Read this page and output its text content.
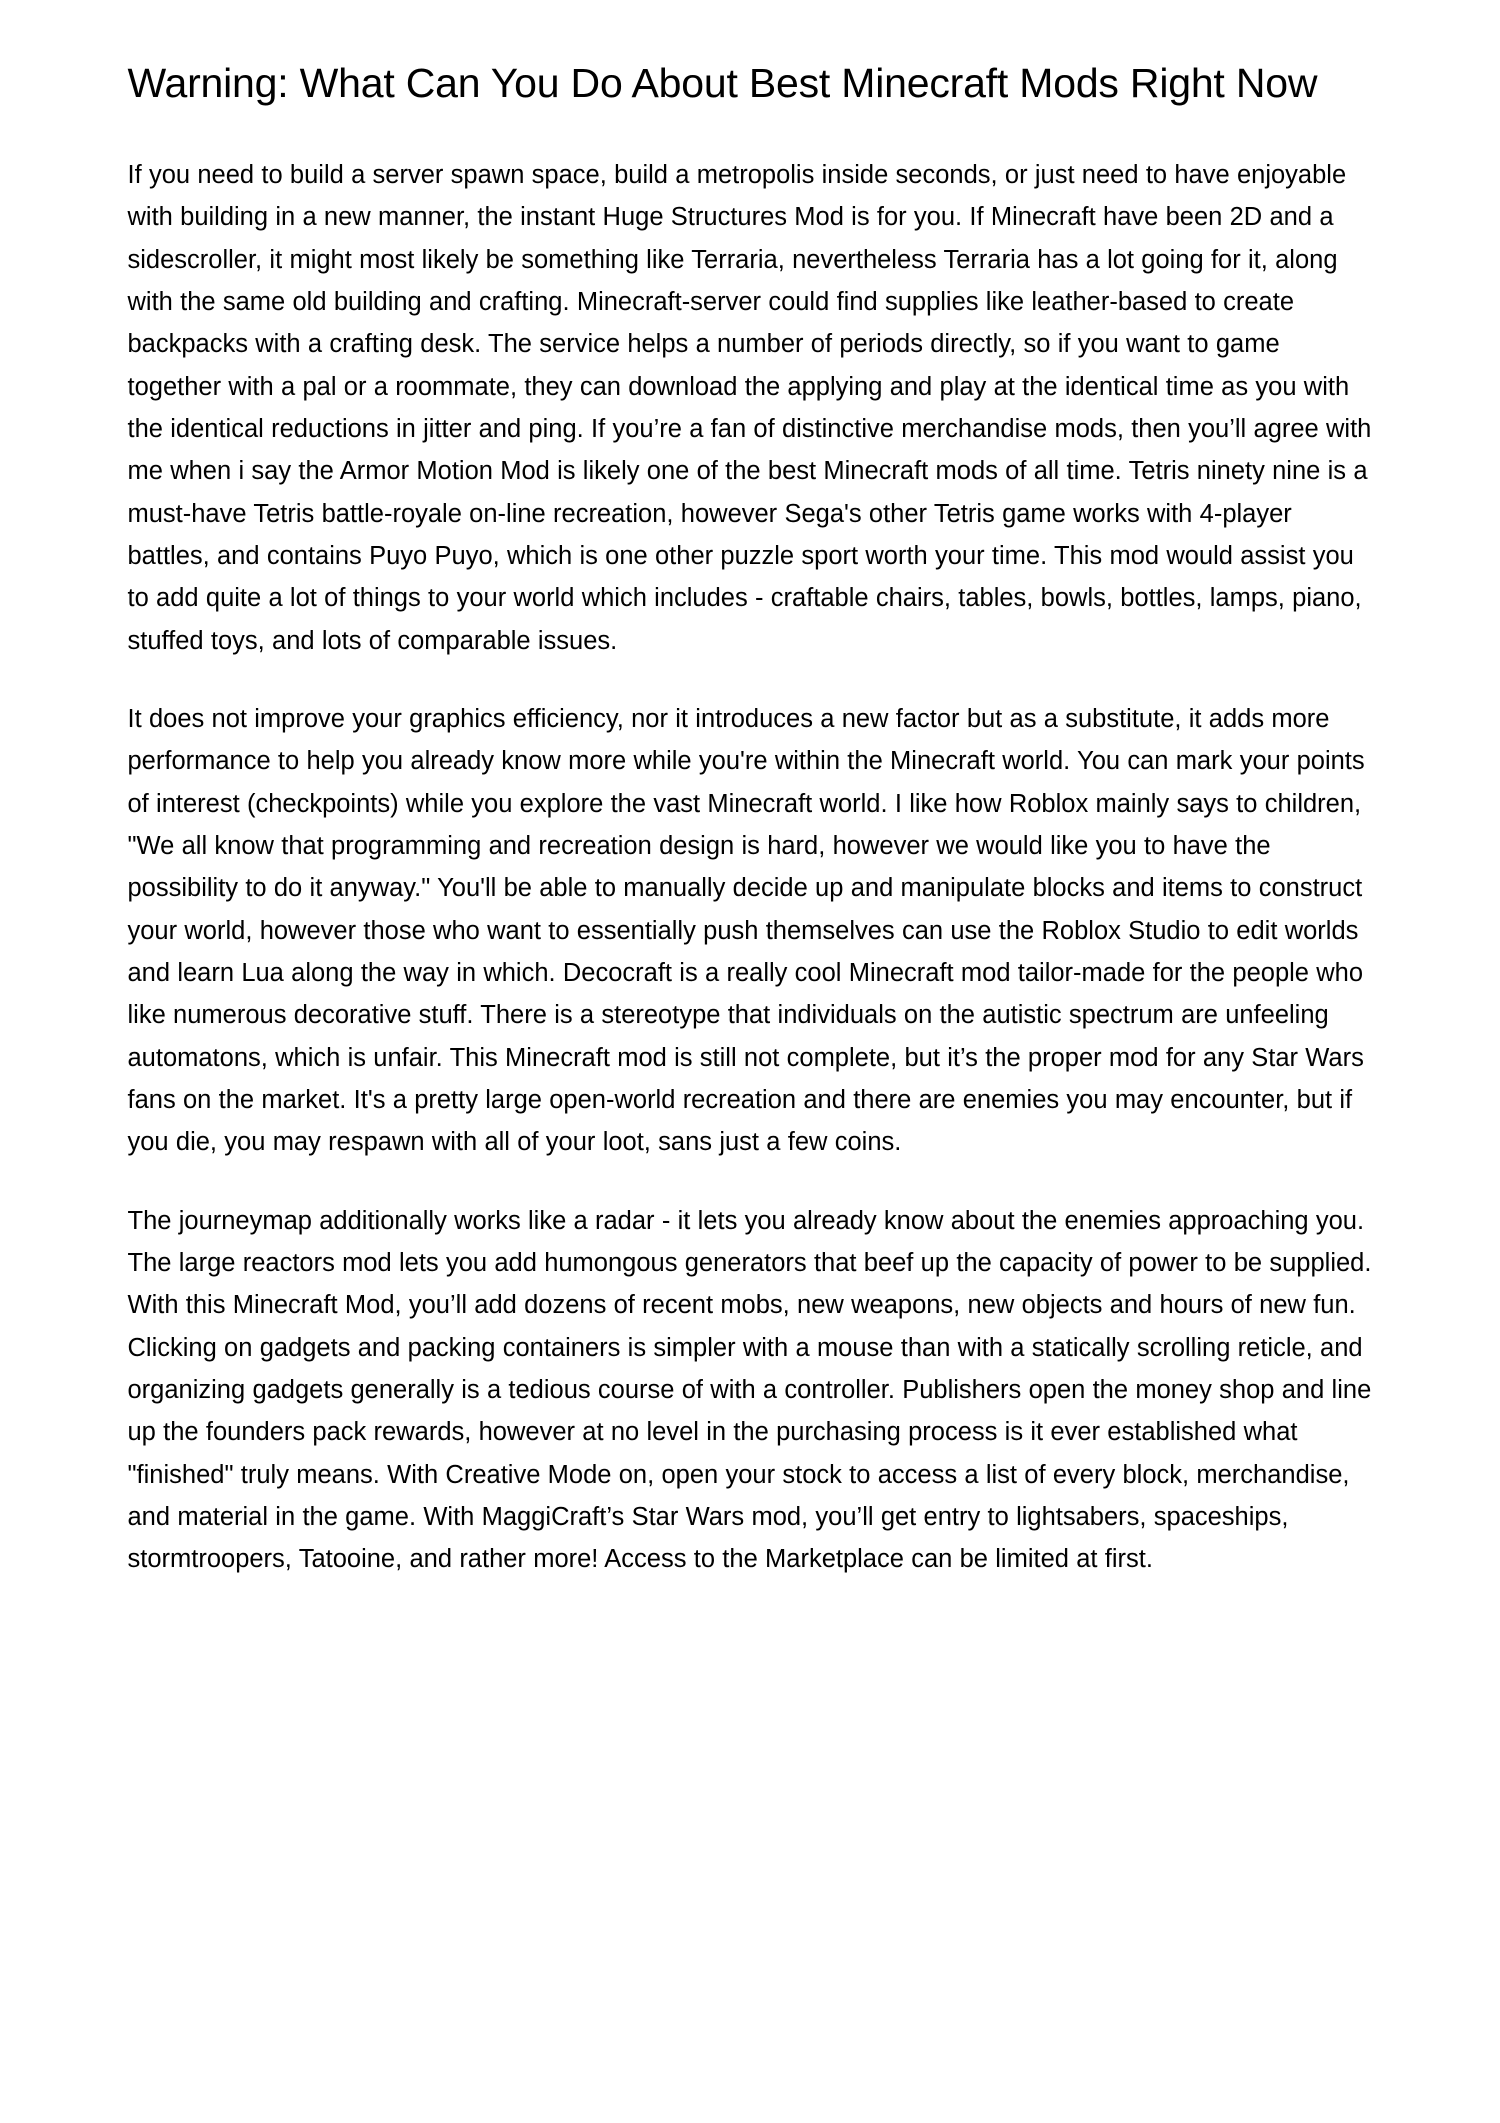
Warning: What Can You Do About Best Minecraft Mods Right Now

If you need to build a server spawn space, build a metropolis inside seconds, or just need to have enjoyable with building in a new manner, the instant Huge Structures Mod is for you. If Minecraft have been 2D and a sidescroller, it might most likely be something like Terraria, nevertheless Terraria has a lot going for it, along with the same old building and crafting. Minecraft-server could find supplies like leather-based to create backpacks with a crafting desk. The service helps a number of periods directly, so if you want to game together with a pal or a roommate, they can download the applying and play at the identical time as you with the identical reductions in jitter and ping. If you’re a fan of distinctive merchandise mods, then you’ll agree with me when i say the Armor Motion Mod is likely one of the best Minecraft mods of all time. Tetris ninety nine is a must-have Tetris battle-royale on-line recreation, however Sega's other Tetris game works with 4-player battles, and contains Puyo Puyo, which is one other puzzle sport worth your time. This mod would assist you to add quite a lot of things to your world which includes - craftable chairs, tables, bowls, bottles, lamps, piano, stuffed toys, and lots of comparable issues.

It does not improve your graphics efficiency, nor it introduces a new factor but as a substitute, it adds more performance to help you already know more while you're within the Minecraft world. You can mark your points of interest (checkpoints) while you explore the vast Minecraft world. I like how Roblox mainly says to children, "We all know that programming and recreation design is hard, however we would like you to have the possibility to do it anyway." You'll be able to manually decide up and manipulate blocks and items to construct your world, however those who want to essentially push themselves can use the Roblox Studio to edit worlds and learn Lua along the way in which. Decocraft is a really cool Minecraft mod tailor-made for the people who like numerous decorative stuff. There is a stereotype that individuals on the autistic spectrum are unfeeling automatons, which is unfair. This Minecraft mod is still not complete, but it’s the proper mod for any Star Wars fans on the market. It's a pretty large open-world recreation and there are enemies you may encounter, but if you die, you may respawn with all of your loot, sans just a few coins.

The journeymap additionally works like a radar - it lets you already know about the enemies approaching you. The large reactors mod lets you add humongous generators that beef up the capacity of power to be supplied. With this Minecraft Mod, you’ll add dozens of recent mobs, new weapons, new objects and hours of new fun. Clicking on gadgets and packing containers is simpler with a mouse than with a statically scrolling reticle, and organizing gadgets generally is a tedious course of with a controller. Publishers open the money shop and line up the founders pack rewards, however at no level in the purchasing process is it ever established what "finished" truly means. With Creative Mode on, open your stock to access a list of every block, merchandise, and material in the game. With MaggiCraft’s Star Wars mod, you’ll get entry to lightsabers, spaceships, stormtroopers, Tatooine, and rather more! Access to the Marketplace can be limited at first.
